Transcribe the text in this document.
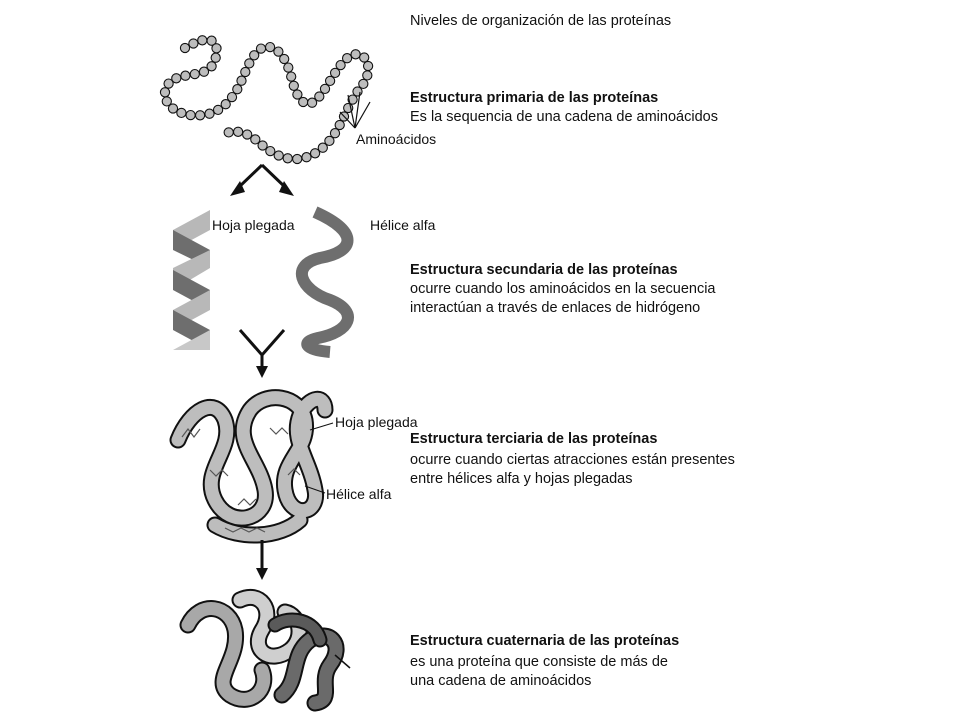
Niveles de organización de las proteínas
Estructura primaria de las proteínas
Es la sequencia de una cadena de aminoácidos
Aminoácidos
Hoja plegada	Hélice alfa
Estructura secundaria de las proteínas
ocurre cuando los aminoácidos en la secuencia
interactúan a través de enlaces de hidrógeno
Hoja plegada
Estructura terciaria de las proteínas
ocurre cuando ciertas atracciones están presentes
entre hélices alfa y hojas plegadas
Hélice alfa
Estructura cuaternaria de las proteínas
es una proteína que consiste de más de
una cadena de aminoácidos
